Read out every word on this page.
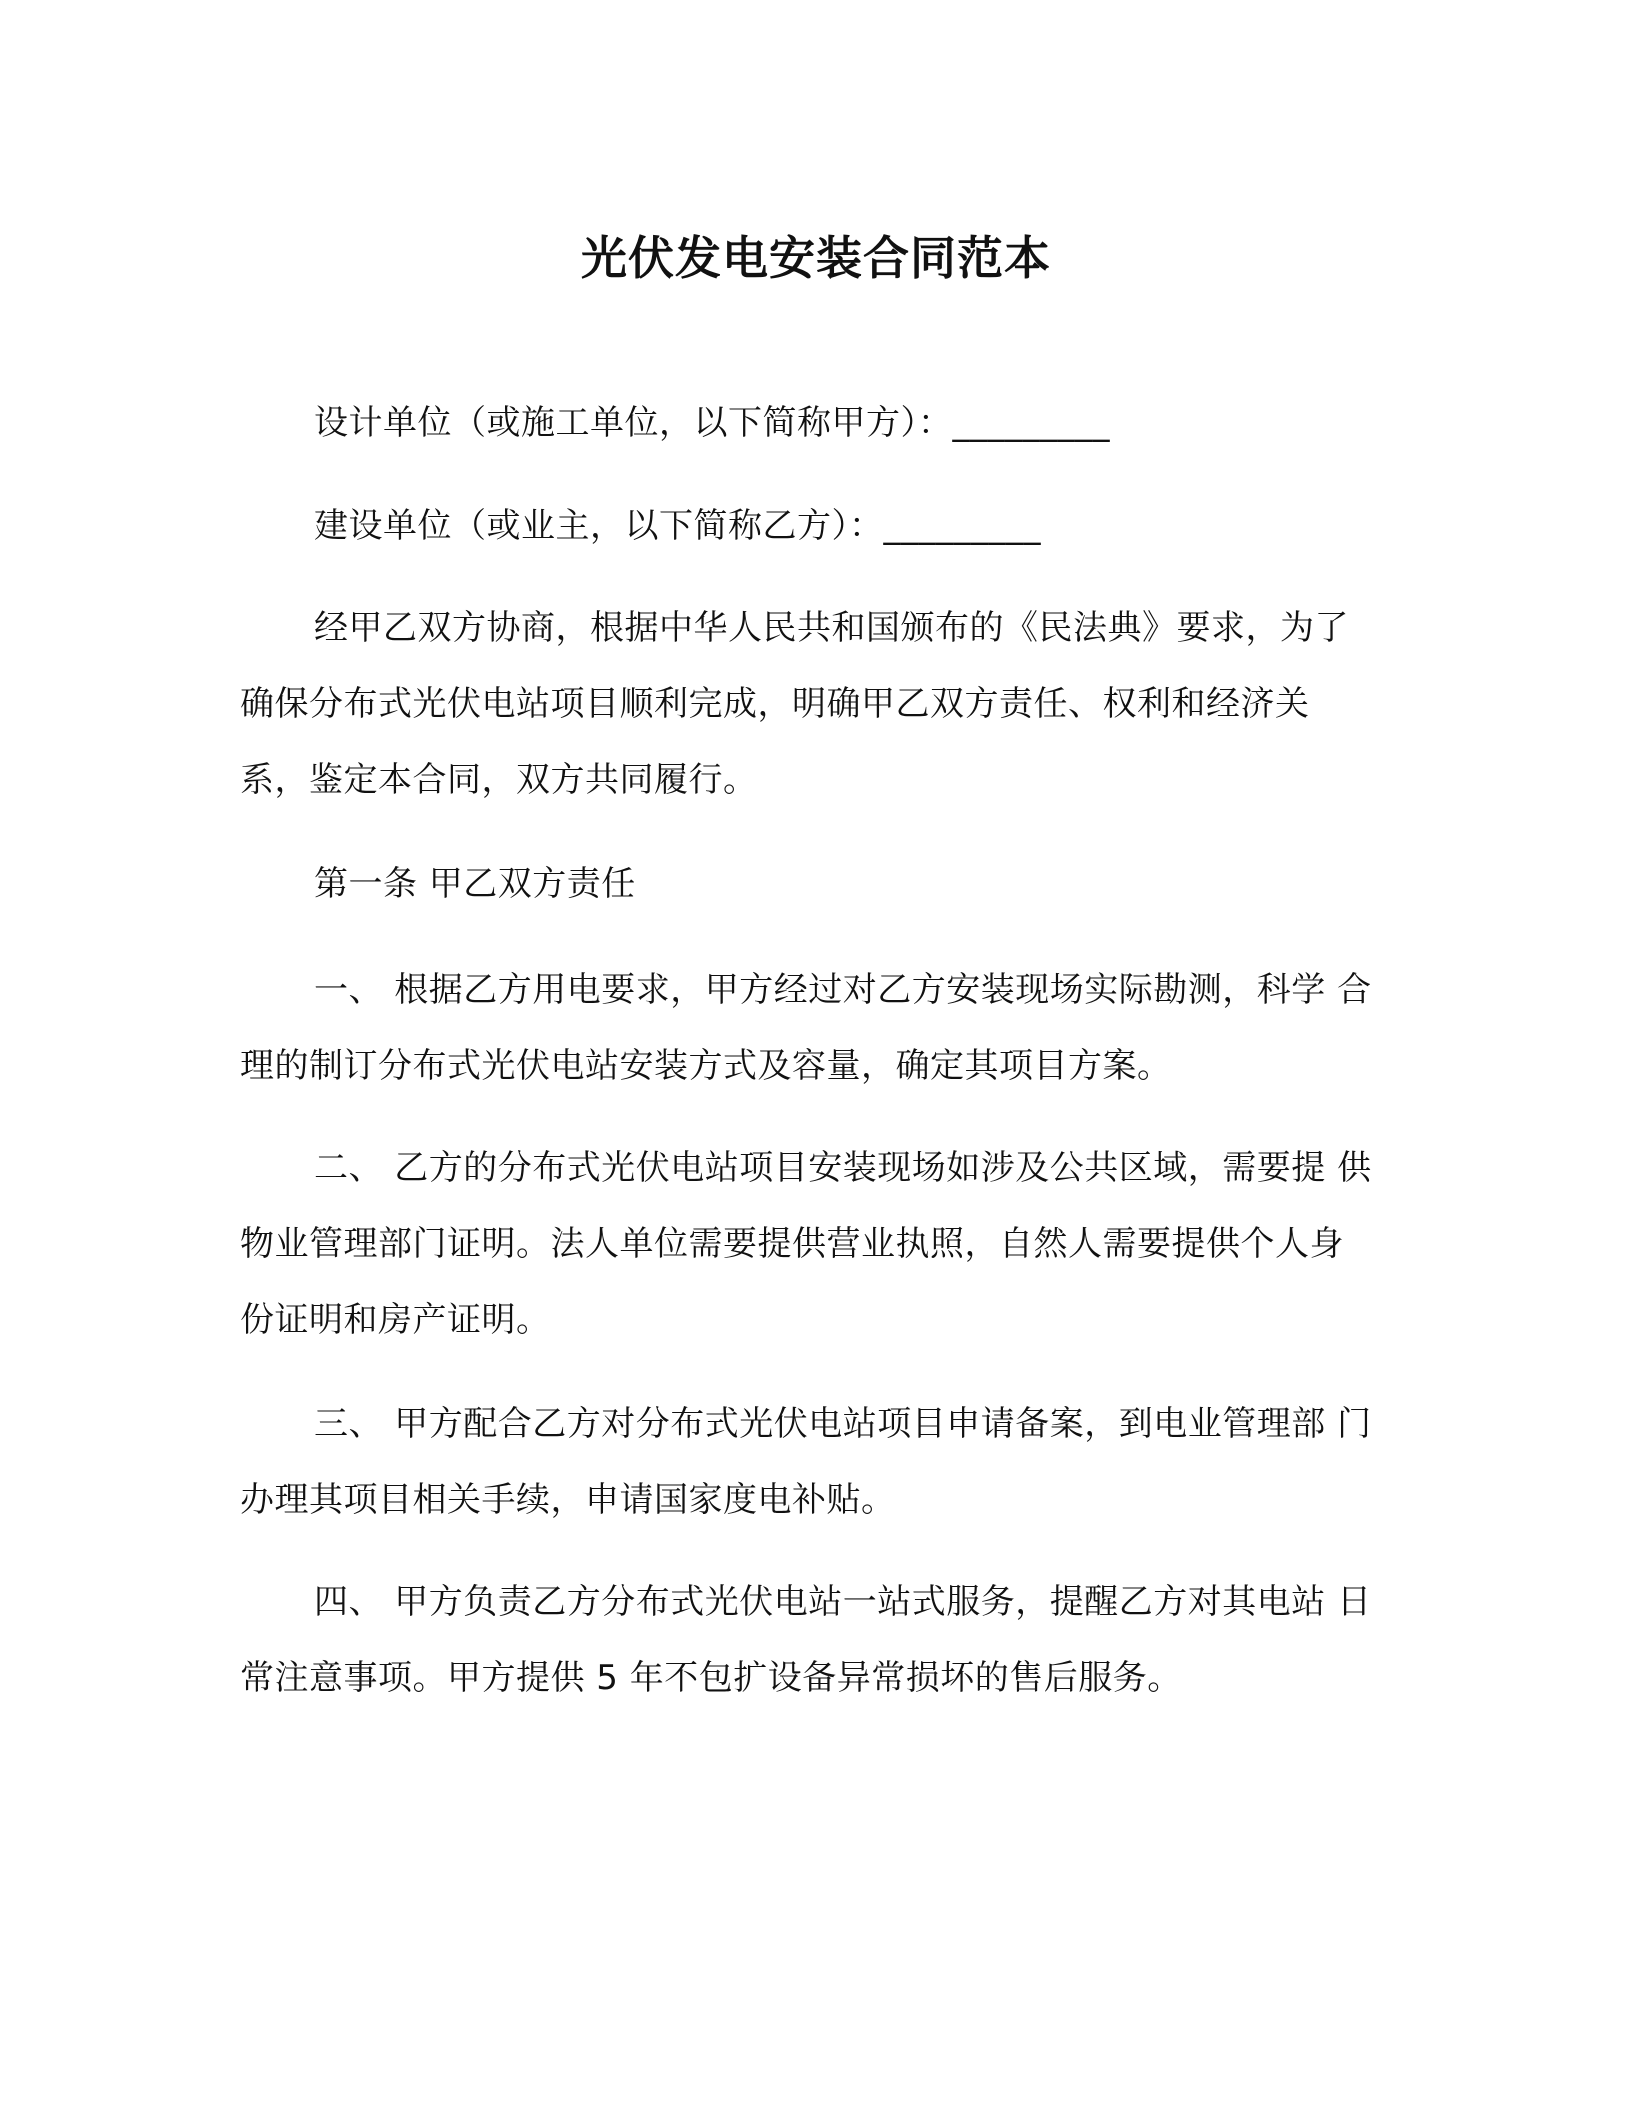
光伏发电安装合同范本
设计单位（或施工单位，以下简称甲方）：_________
建设单位（或业主，以下简称乙方）：_________
经甲乙双方协商，根据中华人民共和国颁布的《民法典》要求，为了确保分布式光伏电站项目顺利完成，明确甲乙双方责任、权利和经济关系，鉴定本合同，双方共同履行。
第一条 甲乙双方责任
一、 根据乙方用电要求，甲方经过对乙方安装现场实际勘测，科学 合理的制订分布式光伏电站安装方式及容量，确定其项目方案。
二、 乙方的分布式光伏电站项目安装现场如涉及公共区域，需要提 供物业管理部门证明。法人单位需要提供营业执照，自然人需要提供个人身份证明和房产证明。
三、 甲方配合乙方对分布式光伏电站项目申请备案，到电业管理部 门办理其项目相关手续，申请国家度电补贴。
四、 甲方负责乙方分布式光伏电站一站式服务，提醒乙方对其电站 日常注意事项。甲方提供 5 年不包扩设备异常损坏的售后服务。
